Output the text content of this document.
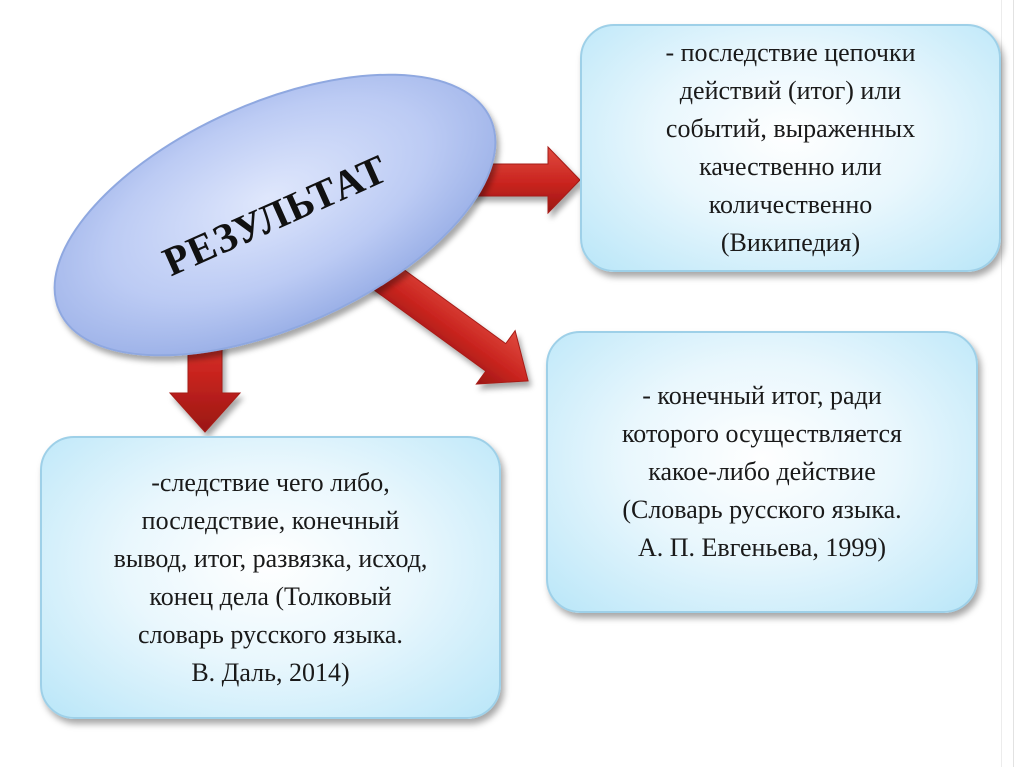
РЕЗУЛЬТАТ
- последствие цепочки
действий (итог) или
событий, выраженных
качественно или
количественно
(Википедия)
- конечный итог, ради
которого осуществляется
какое-либо действие
(Словарь русского языка.
А. П. Евгеньева, 1999)
-следствие чего либо,
последствие, конечный
вывод, итог, развязка, исход,
конец дела (Толковый
словарь русского языка.
В. Даль, 2014)
